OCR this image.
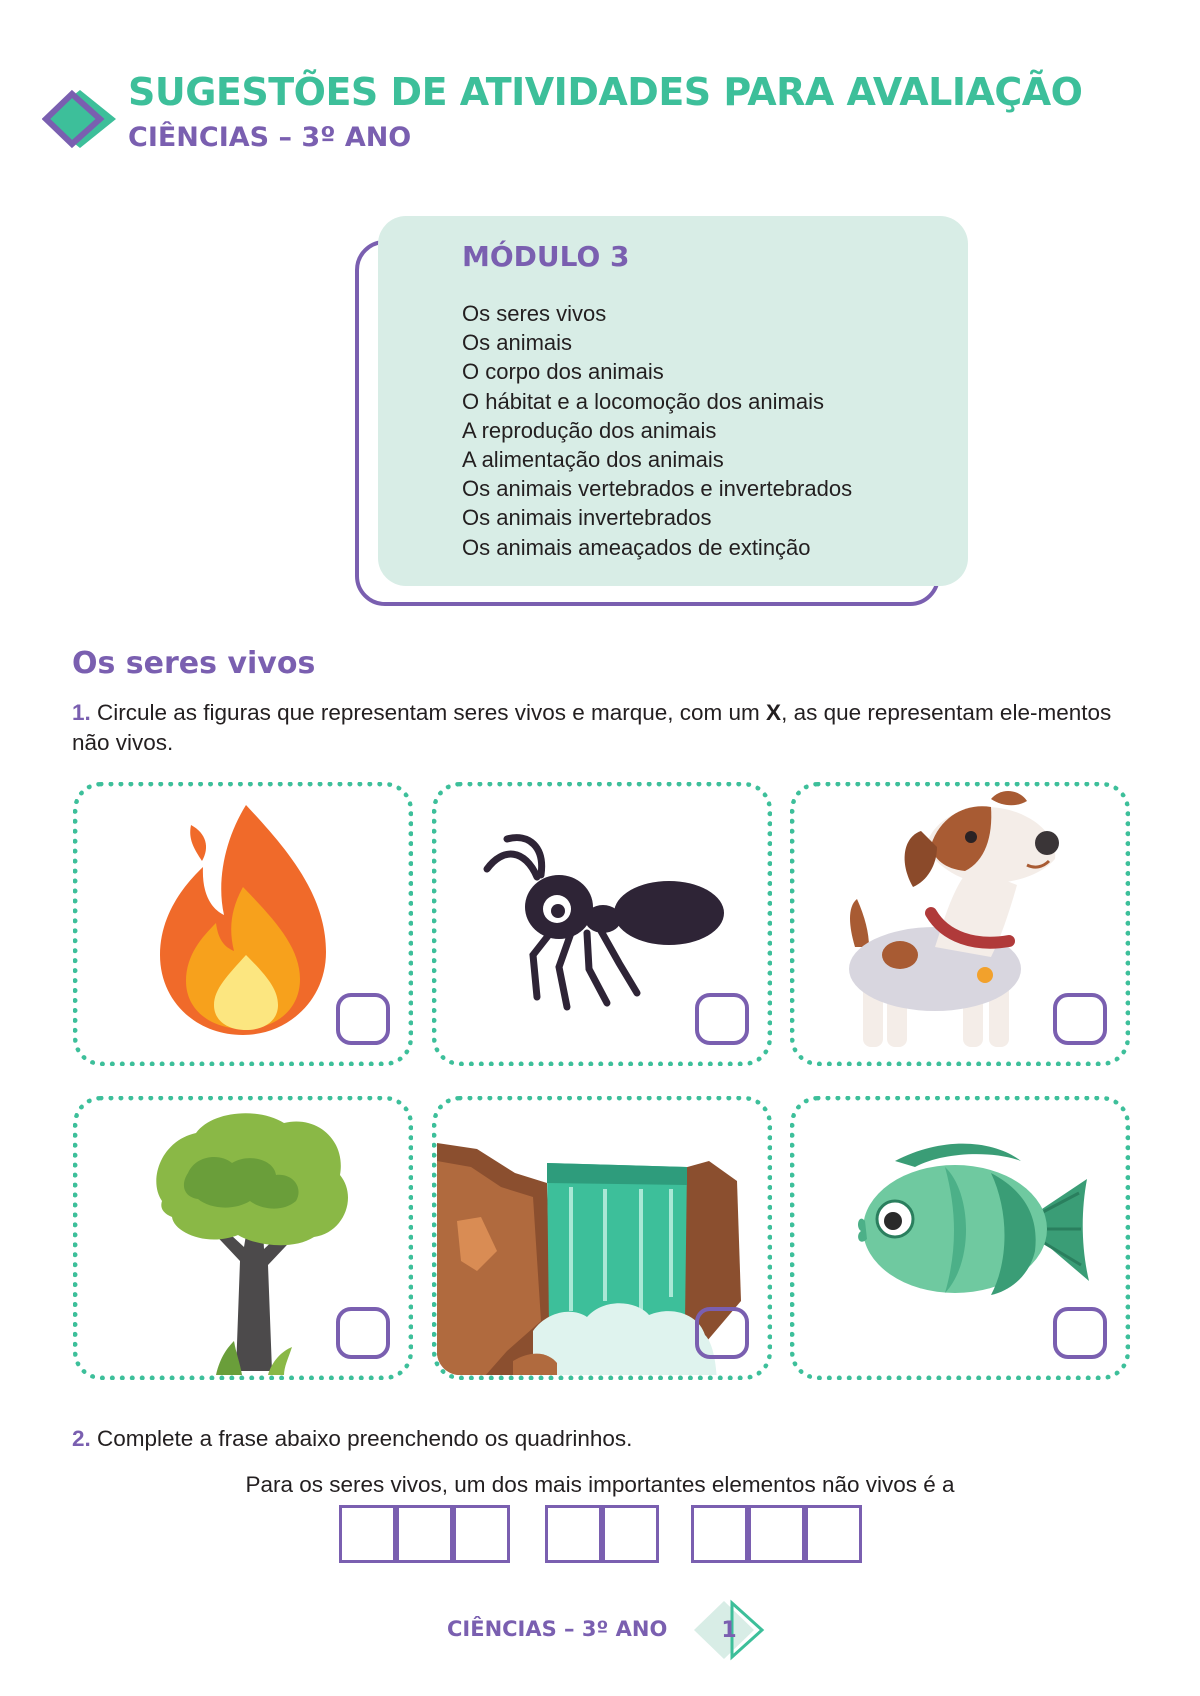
SUGESTÕES DE ATIVIDADES PARA AVALIAÇÃO
CIÊNCIAS – 3º ANO
MÓDULO 3
Os seres vivos
Os animais
O corpo dos animais
O hábitat e a locomoção dos animais
A reprodução dos animais
A alimentação dos animais
Os animais vertebrados e invertebrados
Os animais invertebrados
Os animais ameaçados de extinção
Os seres vivos
1. Circule as figuras que representam seres vivos e marque, com um X, as que representam ele-mentos não vivos.
2. Complete a frase abaixo preenchendo os quadrinhos.
Para os seres vivos, um dos mais importantes elementos não vivos é a
CIÊNCIAS – 3º ANO	1
